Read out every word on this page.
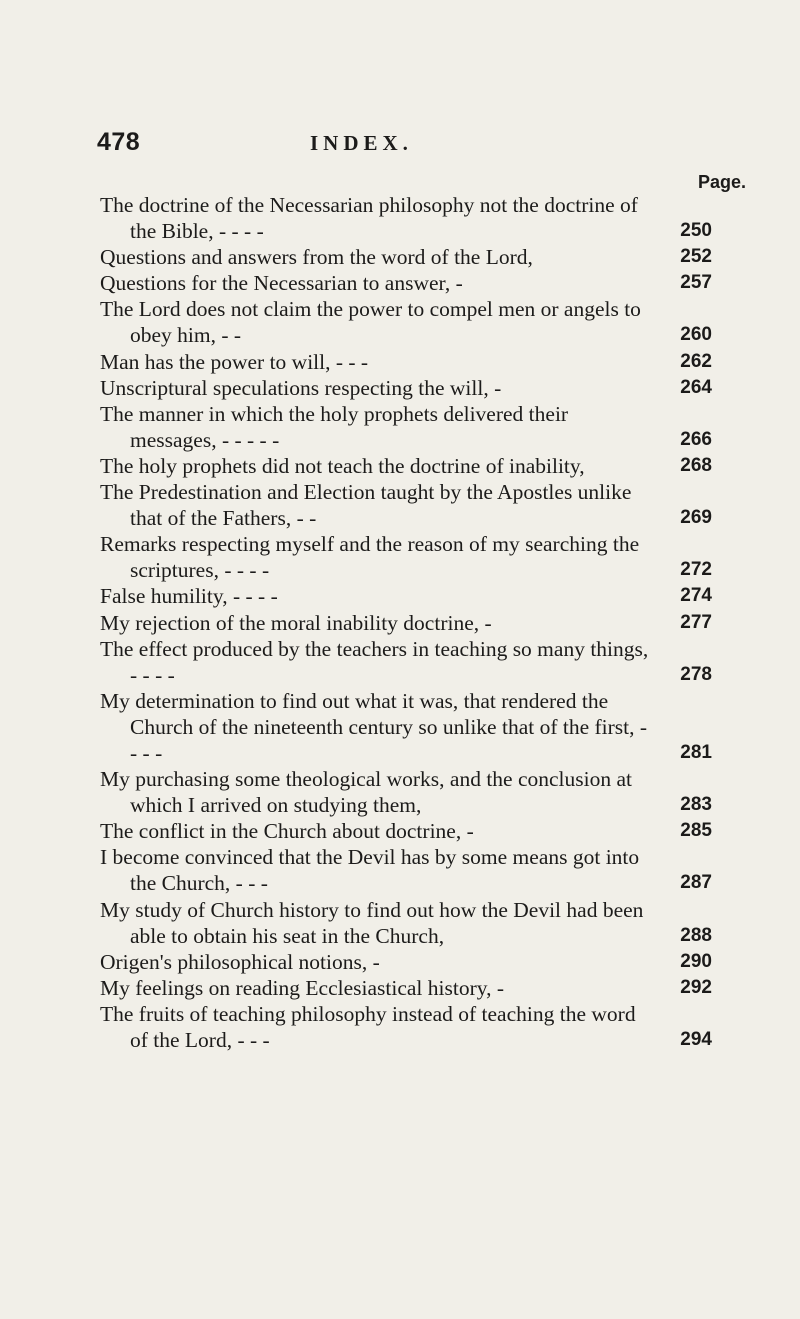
478	INDEX.
Page.
The doctrine of the Necessarian philosophy not the doctrine of the Bible, - - - -	250
Questions and answers from the word of the Lord,	252
Questions for the Necessarian to answer, -	257
The Lord does not claim the power to compel men or angels to obey him, - -	260
Man has the power to will, - - -	262
Unscriptural speculations respecting the will, -	264
The manner in which the holy prophets delivered their messages, - - - - -	266
The holy prophets did not teach the doctrine of inability,	268
The Predestination and Election taught by the Apostles unlike that of the Fathers, - -	269
Remarks respecting myself and the reason of my searching the scriptures, - - - -	272
False humility, - - - -	274
My rejection of the moral inability doctrine, -	277
The effect produced by the teachers in teaching so many things, - - - -	278
My determination to find out what it was, that rendered the Church of the nineteenth century so unlike that of the first, - - - -	281
My purchasing some theological works, and the conclusion at which I arrived on studying them,	283
The conflict in the Church about doctrine, -	285
I become convinced that the Devil has by some means got into the Church, - - -	287
My study of Church history to find out how the Devil had been able to obtain his seat in the Church,	288
Origen's philosophical notions, -	290
My feelings on reading Ecclesiastical history, -	292
The fruits of teaching philosophy instead of teaching the word of the Lord, - - -	294
